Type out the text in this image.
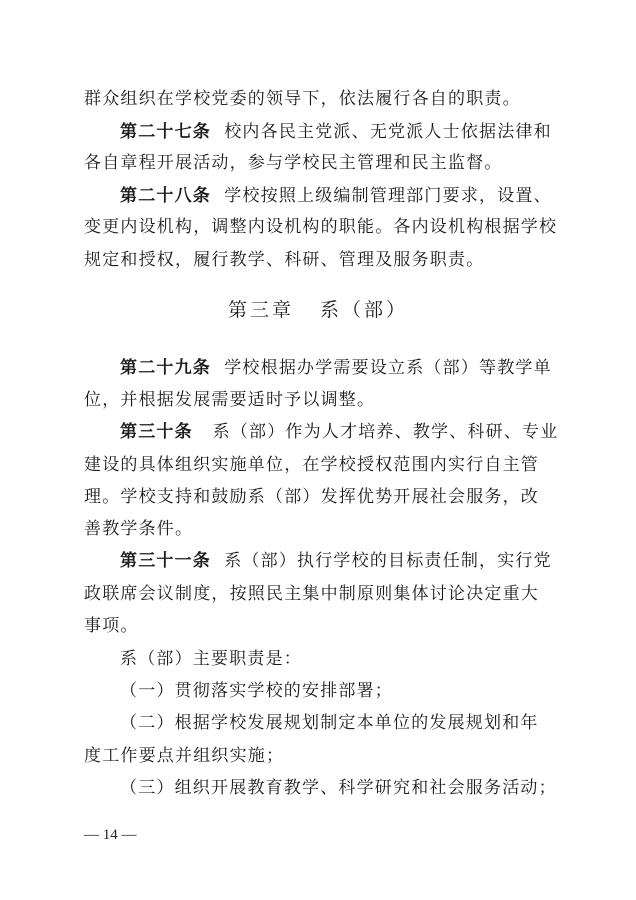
群众组织在学校党委的领导下，依法履行各自的职责。
第二十七条 校内各民主党派、无党派人士依据法律和
各自章程开展活动，参与学校民主管理和民主监督。
第二十八条 学校按照上级编制管理部门要求，设置、
变更内设机构，调整内设机构的职能。各内设机构根据学校
规定和授权，履行教学、科研、管理及服务职责。
第三章 系（部）
第二十九条 学校根据办学需要设立系（部）等教学单
位，并根据发展需要适时予以调整。
第三十条 系（部）作为人才培养、教学、科研、专业
建设的具体组织实施单位，在学校授权范围内实行自主管
理。学校支持和鼓励系（部）发挥优势开展社会服务，改
善教学条件。
第三十一条 系（部）执行学校的目标责任制，实行党
政联席会议制度，按照民主集中制原则集体讨论决定重大
事项。
系（部）主要职责是：
（一）贯彻落实学校的安排部署；
（二）根据学校发展规划制定本单位的发展规划和年
度工作要点并组织实施；
（三）组织开展教育教学、科学研究和社会服务活动；
— 14 —
